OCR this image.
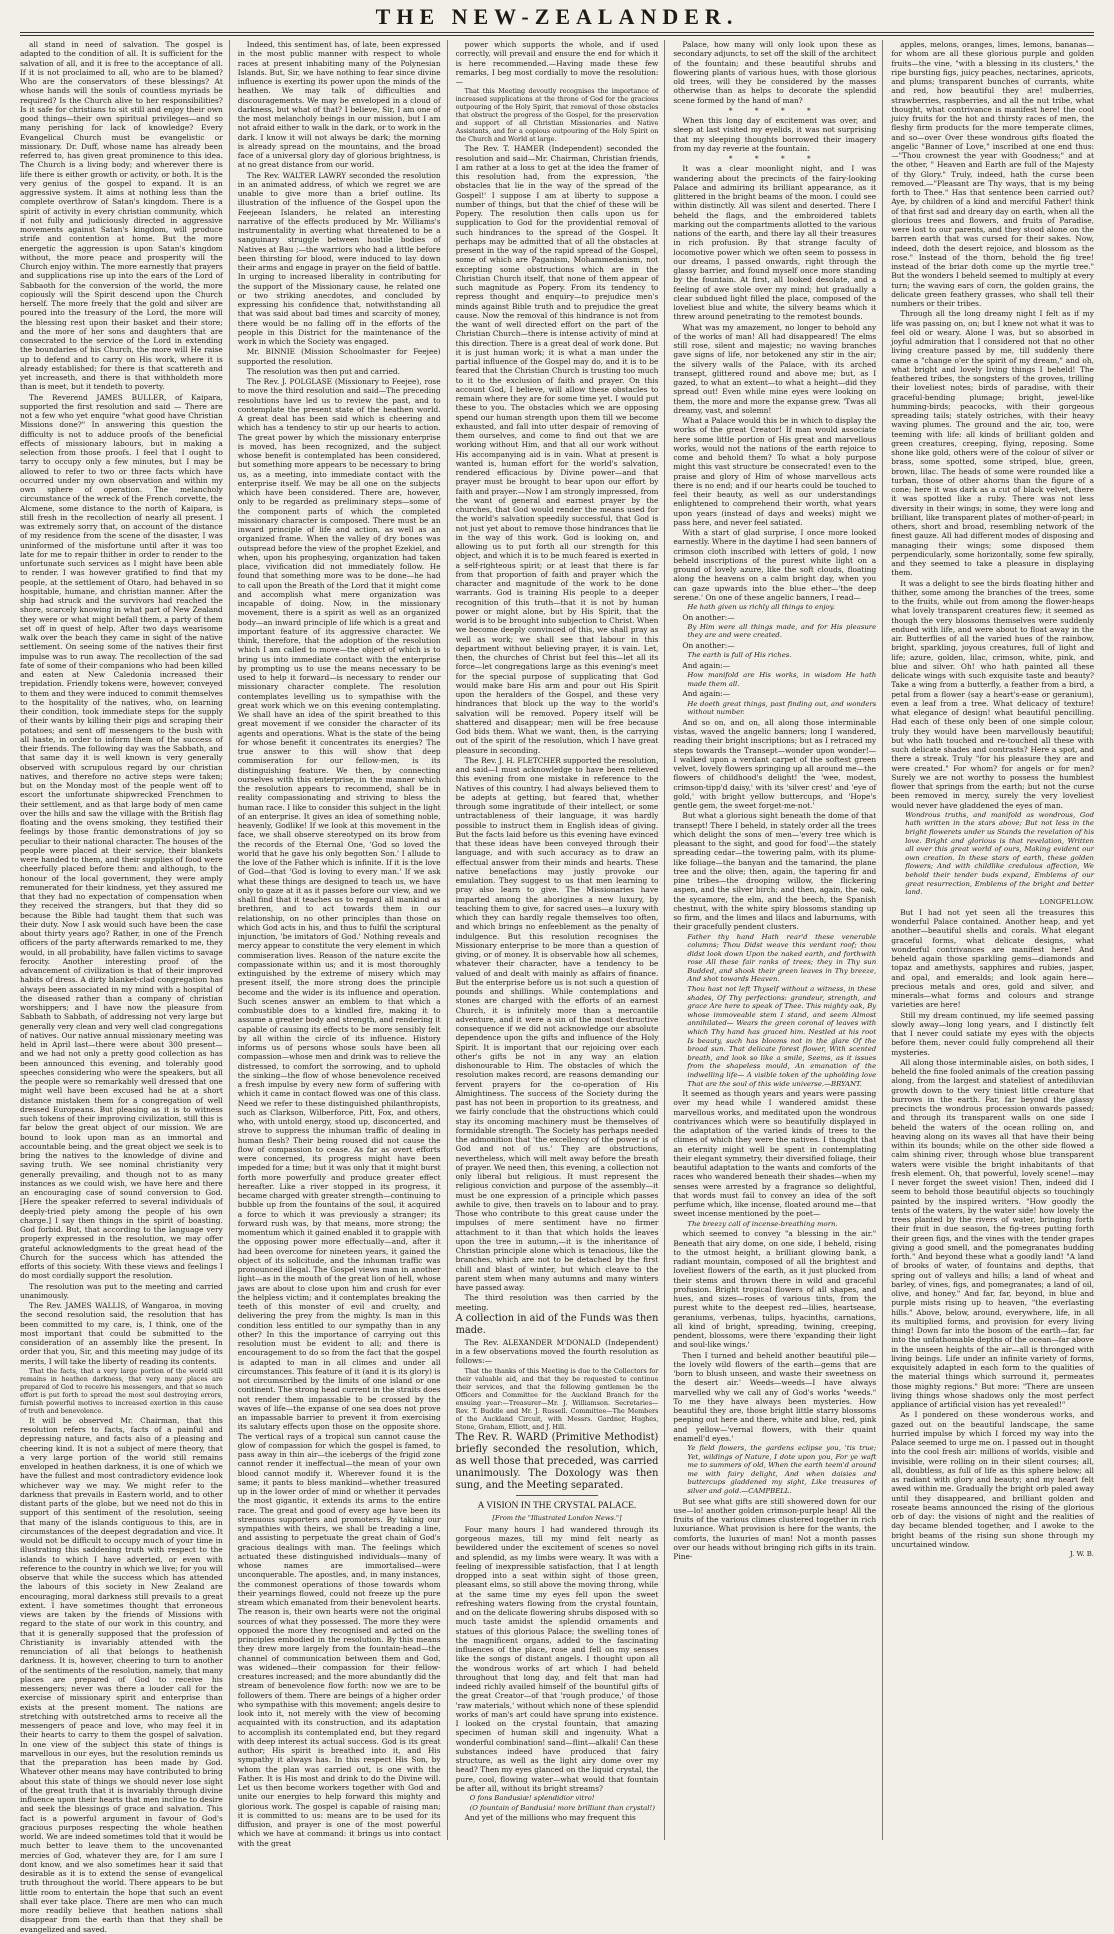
THE NEW-ZEALANDER.

all stand in need of salvation. The gospel is adapted to the condition of all. It is sufficient for the salvation of all, and it is free to the acceptance of all. If it is not proclaimed to all, who are to be blamed? Who are the conservators of these blessings? At whose hands will the souls of countless myriads be required? Is the Church alive to her responsibilities? Is it safe for christians to sit still and enjoy their own good things—their own spiritual privileges—and so many perishing for lack of knowledge? Every Evangelical Church must be evangelistic or missionary. Dr. Duff, whose name has already been referred to, has given great prominence to this idea. The Church is a living body; and wherever there is life there is either growth or activity, or both. It is the very genius of the gospel to expand. It is an aggressive system. It aims at nothing less than the complete overthrow of Satan's kingdom. There is a spirit of activity in every christian community, which if not fully and judiciously directed in aggressive movements against Satan's kingdom, will produce strife and contention at home. But the more energetic the aggression is upon Satan's kingdom without, the more peace and prosperity will the Church enjoy within. The more earnestly that prayers and supplications rise up into the ears of the Lord of Sabbaoth for the conversion of the world, the more copiously will the Spirit descend upon the Church herself. The more freely that the gold and silver are poured into the treasury of the Lord, the more will the blessing rest upon their basket and their store; and the more of her sons and daughters that are consecrated to the service of the Lord in extending the boundaries of his Church, the more will He raise up to defend and to carry on His work, where it is already established; for there is that scattereth and yet increaseth, and there is that withholdeth more than is meet, but it tendeth to poverty.

The Reverend JAMES BULLER, of Kaipara, supported the first resolution and said — There are not a few who yet enquire "what good have Christian Missions done?" In answering this question the difficulty is not to adduce proofs of the beneficial effects of missionary labours, but in making a selection from those proofs. I feel that I ought to tarry to occupy only a few minutes, but I may be allowed to refer to two or three facts which have occurred under my own observation and within my own sphere of operation. The melancholy circumstance of the wreck of the French corvette, the Alcmene, some distance to the north of Kaipara, is still fresh in the recollection of nearly all present. I was extremely sorry that, on account of the distance of my residence from the scene of the disaster, I was uninformed of the misfortune until after it was too late for me to repair thither in order to render to the unfortunate such services as I might have been able to render. I was however gratified to find that my people, at the settlement of Otaro, had behaved in so hospitable, humane, and christian manner. After the ship had struck and the survivors had reached the shore, scarcely knowing in what part of New Zealand they were or what might befall them, a party of them set off in quest of help. After two days wearisome walk over the beach they came in sight of the native settlement. On seeing some of the natives their first impulse was to run away. The recollection of the sad fate of some of their companions who had been killed and eaten at New Caledonia increased their trepidation. Friendly tokens were, however, conveyed to them and they were induced to commit themselves to the hospitality of the natives, who, on learning their condition, took immediate steps for the supply of their wants by killing their pigs and scraping their potatoes; and sent off messengers to the bush with all haste, in order to inform them of the success of their friends. The following day was the Sabbath, and that same day it is well known is very generally observed with scrupulous regard by our christian natives, and therefore no active steps were taken; but on the Monday most of the people went off to escort the unfortunate shipwrecked Frenchmen to their settlement, and as that large body of men came over the hills and saw the village with the British flag floating and the ovens smoking, they testified their feelings by those frantic demonstrations of joy so peculiar to their national character. The houses of the people were placed at their service, their blankets were handed to them, and their supplies of food were cheerfully placed before them: and although, to the honour of the local government, they were amply remunerated for their kindness, yet they assured me that they had no expectation of compensation when they received the strangers, but that they did so because the Bible had taught them that such was their duty. Now I ask would such have been the case about thirty years ago? Rather, in one of the French officers of the party afterwards remarked to me, they would, in all probability, have fallen victims to savage ferocity. Another interesting proof of the advancement of civilization is that of their improved habits of dress. A dirty blanket-clad congregation has always been associated in my mind with a hospital of the diseased rather than a company of christian worshippers; and I have now the pleasure from Sabbath to Sabbath, of addressing not very large but generally very clean and very well clad congregations of natives. Our native annual missionary meeting was held in April last—there were about 300 present—and we had not only a pretty good collection as has been announced this evening, and tolerably good speeches considering who were the speakers, but all the people were so remarkably well dressed that one might well have been excused had he at a short distance mistaken them for a congregation of well dressed Europeans. But pleasing as it is to witness such tokens of their improving civilization, still this is far below the great object of our mission. We are bound to look upon man as an immortal and accountable being, and the great object we seek is to bring the natives to the knowledge of divine and saving truth. We see nominal christianity very generally prevailing, and though not to as many instances as we could wish, we have here and there an encouraging case of sound conversion to God. [Here the speaker referred to several individuals of deeply-tried piety among the people of his own charge.] I say then things in the spirit of boasting. God forbid. But, that according to the language very properly expressed in the resolution, we may offer grateful acknowledgments to the great head of the Church for the success which has attended the efforts of this society. With these views and feelings I do most cordially support the resolution.

The resolution was put to the meeting and carried unanimously.

The Rev. JAMES WALLIS, of Wangaroa, in moving the second resolution said, the resolution that has been committed to my care, is, I think, one of the most important that could be submitted to the consideration of an assembly like the present. In order that you, Sir, and this meeting may judge of its merits, I will take the liberty of reading its contents.

That the facts, that a very large portion of the world still remains in heathen darkness, that very many places are prepared of God to receive his messengers, and that so much effort is put forth to spread the most soul destroying errors, furnish powerful motives to increased exertion in this cause of truth and benevolence.

It will be observed Mr. Chairman, that this resolution refers to facts, facts of a painful and depressing nature, and facts also of a pleasing and cheering kind. It is not a subject of mere theory, that a very large portion of the world still remains enveloped in heathen darkness, it is one of which we have the fullest and most contradictory evidence look whichever way we may. We might refer to the darkness that prevails in Eastern world, and to other distant parts of the globe, but we need not do this in support of this sentiment of the resolution, seeing that many of the islands contiguous to this, are in circumstances of the deepest degradation and vice. It would not be difficult to occupy much of your time in illustrating this saddening truth with respect to the islands to which I have adverted, or even with reference to the country in which we live; for you will observe that while the success which has attended the labours of this society in New Zealand are encouraging, moral darkness still prevails to a great extent. I have sometimes thought that erroneous views are taken by the friends of Missions with regard to the state of our work in this country, and that it is generally supposed that the profession of Christianity is invariably attended with the renunciation of all that belongs to heathenish darkness. It is, however, cheering to turn to another of the sentiments of the resolution, namely, that many places are prepared of God to receive his messengers; never was there a louder call for the exercise of missionary spirit and enterprise than exists at the present moment. The nations are stretching with outstretched arms to receive all the messengers of peace and love, who may feel it in their hearts to carry to them the gospel of salvation. In one view of the subject this state of things is marvellous in our eyes, but the resolution reminds us that the preparation has been made by God. Whatever other means may have contributed to bring about this state of things we should never lose sight of the great truth that it is invariably through divine influence upon their hearts that men incline to desire and seek the blessings of grace and salvation. This fact is a powerful argument in favour of God's gracious purposes respecting the whole heathen world. We are indeed sometimes told that it would be much better to leave them to the uncovenanted mercies of God, whatever they are, for I am sure I dont know, and we also sometimes hear it said that desirable as it is to extend the sense of evangelical truth throughout the world. There appears to be but little room to entertain the hope that such an event shall ever take place. There are men who can much more readily believe that heathen nations shall disappear from the earth than that they shall be evangelized and saved.

Indeed, this sentiment has, of late, been expressed in the most public manner with respect to whole races at present inhabiting many of the Polynesian Islands. But, Sir, we have nothing to fear since divine influence is exerting its power upon the minds of the heathen. We may talk of difficulties and discouragements. We may be enveloped in a cloud of darkness, but what of that? I believe, Sir, I am one of the most melancholy beings in our mission, but I am not afraid either to walk in the dark, or to work in the dark. I know it will not always be dark; the morning is already spread on the mountains, and the broad face of a universal glory day of glorious brightness, is at no great distance from our world.

The Rev. WALTER LAWRY seconded the resolution in an animated address, of which we regret we are unable to give more than a brief outline. Its illustration of the influence of the Gospel upon the Feejeean Islanders, he related an interesting narrative of the effects produced by Mr. Williams's instrumentality in averting what threatened to be a sanguinary struggle between hostile bodies of Natives at Bau ;—the warriors who had a little before been thirsting for blood, were induced to lay down their arms and engage in prayer on the field of battle. In urging to increased liberality in contributing for the support of the Missionary cause, he related one or two striking anecdotes, and concluded by expressing his confidence that, notwithstanding all that was said about bad times and scarcity of money, there would be no falling off in the efforts of the people in this District for the maintenance of the work in which the Society was engaged.

Mr. BINNIE (Mission Schoolmaster for Feejee) supported the resolution.

The resolution was then put and carried.

The Rev. J. POLGLASE (Missionary to Feejee), rose to move the third resolution and said—The preceding resolutions have led us to review the past, and to contemplate the present state of the heathen world. A great deal has been said which is cheering and which has a tendency to stir up our hearts to action. The great power by which the missionary enterprise is moved, has been recognized, and the subject whose benefit is contemplated has been considered, but something more appears to be necessary to bring us, as a meeting, into immediate contact with the enterprise itself. We may be all one on the subjects which have been considered. There are, however, only to be regarded as preliminary steps—some of the component parts of which the completed missionary character is composed. There must be an inward principle of life and action, as well as an organized frame. When the valley of dry bones was outspread before the view of the prophet Ezekiel, and when, upon his prophesying, organization had taken place, vivification did not immediately follow. He found that something more was to be done—he had to call upon the Breath of the Lord that it might come and accomplish what mere organization was incapable of doing. Now, in the missionary movement, there is a spirit as well as an organized body—an inward principle of life which is a great and important feature of its aggressive character. We think, therefore, that the adoption of the resolution which I am called to move—the object of which is to bring us into immediate contact with the enterprise by prompting us to use the means necessary to be used to help it forward—is necessary to render our missionary character complete. The resolution contemplates levelling us to sympathise with the great work which we on this evening contemplating. We shall have an idea of the spirit breathed to this great movement if we consider the character of its agents and operations. What is the state of the being for whose benefit it concentrates its energies? The true answer to this will show that deep commiseration for our fellow-men, is its distinguishing feature. We then, by connecting ourselves with this enterprise, in the manner which the resolution appears to recommend, shall be in reality compassionating and striving to bless the human race. I like to consider this subject in the light of an enterprise. It gives an idea of something noble, heavenly, Godlike! If we look at this movement in the face, we shall observe stereotyped on its brow from the records of the Eternal One, 'God so loved the world that he gave his only begotten Son.' I allude to the love of the Father which is infinite. If it is the love of God—that 'God is loving to every man.' If we ask what these things are designed to teach us, we have only to gaze at it as it passes before our view, and we shall find that it teaches us to regard all mankind as brethren, and to act towards them in our relationship, on no other principles than those on which God acts in his, and thus to fulfil the scriptural injunction, 'be imitators of God.' Nothing reveals and mercy appear to constitute the very element in which commiseration lives. Reason of the nature excite the compassionate within us; and it is most thoroughly extinguished by the extreme of misery which may present itself, the more strong does the principle become and the wider is its influence and operation. Such scenes answer an emblem to that which a combustible does to a kindled fire, making it to assume a greater body and strength, and rendering it capable of causing its effects to be more sensibly felt by all within the circle of its influence. History informs us of persons whose souls have been all compassion—whose men and drink was to relieve the distressed, to comfort the sorrowing, and to uphold the sinking—the flow of whose benevolence received a fresh impulse by every new form of suffering with which it came in contact flowed was one of this class. Need we refer to these distinguished philanthropists, such as Clarkson, Wilberforce, Pitt, Fox, and others, who, with untold energy, stood up, disconcerted, and strove to suppress the inhuman traffic of dealing in human flesh? Their being roused did not cause the flow of compassion to cease. As far as overt efforts were concerned, its progress might have been impeded for a time; but it was only that it might burst forth more powerfully and produce greater effect hereafter. Like a river stopped in its progress, it became charged with greater strength—continuing to bubble up from the fountains of the soul, it acquired a force to which it was previously a stranger; its forward rush was, by that means, more strong; the momentum which it gained enabled it to grapple with the opposing power more effectually—and, after it had been overcome for nineteen years, it gained the object of its solicitude, and the inhuman traffic was pronounced illegal. The Gospel views man in another light—as in the mouth of the great lion of hell, whose jaws are about to close upon him and crush for ever the helpless victim; and it contemplates breaking the teeth of this monster of evil and cruelty, and delivering the prey from the mighty. Is man in this condition less entitled to our sympathy than in any other? In this the importance of carrying out this resolution must be evident to all; and there is encouragement to do so from the fact that the gospel is adapted to man in all climes and under all circumstances. This feature of it (and it is its glory) is not circumscribed by the limits of one island or one continent. The strong head current in the straits does not render them impassable to be crossed by the waves of life—the expanse of one sea does not prove an impassable barrier to prevent it from exercising its salutary effects upon those on the opposite shore. The vertical rays of a tropical sun cannot cause the glow of compassion for which the gospel is famed, to pass away in thin air—the icebergs of the frigid zone cannot render it ineffectual—the mean of your own blood cannot modify it. Wherever found it is the same; it pants to bless mankind—whether treasured up in the lower order of mind or whether it pervades the most gigantic, it extends its arms to the entire race. The great and good of every age have been its strenuous supporters and promoters. By taking our sympathies with theirs, we shall be treading a line, and assisting to perpetuate the great chain of God's gracious dealings with man. The feelings which actuated these distinguished individuals—many of whose names are immortalised—were unconquerable. The apostles, and, in many instances, the commonest operations of those towards whom their yearnings flowed, could not freeze up the pure stream which emanated from their benevolent hearts. The reason is, their own hearts were not the original sources of what they possessed. The more they were opposed the more they recognised and acted on the principles embodied in the resolution. By this means they drew more largely from the fountain-head—the channel of communication between them and God, was widened—their compassion for their fellow-creatures increased; and the more abundantly did the stream of benevolence flow forth: now we are to be followers of them. There are beings of a higher order who sympathise with this movement; angels desire to look into it, not merely with the view of becoming acquainted with its construction, and its adaptation to accomplish its contemplated end, but they regard with deep interest its actual success. God is its great author; His spirit is breathed into it, and His sympathy it always has. In this respect His Son, by whom the plan was carried out, is one with the Father. It is His most and drink to do the Divine will. Let us then become workers together with God and unite our energies to help forward this mighty and glorious work. The gospel is capable of raising man; it is committed to us: means are to be used for its diffusion, and prayer is one of the most powerful which we have at command: it brings us into contact with the great

power which supports the whole, and if used correctly, will prevail and ensure the end for which it is here recommended.—Having made these few remarks, I beg most cordially to move the resolution:—

That this Meeting devoutly recognises the importance of increased supplications at the throne of God for the gracious outpouring of the Holy Spirit, that removal of those obstacles that obstruct the progress of the Gospel, for the preservation and support of all Christian Missionaries and Native Assistants, and for a copious outpouring of the Holy Spirit on the Church and World at large.

The Rev. T. HAMER (Independent) seconded the resolution and said—Mr. Chairman, Christian friends, I am rather at a loss to get at the idea the framer of this resolution had, from the expression, 'the obstacles that lie in the way of the spread of the Gospel!' I suppose I am at liberty to suppose a number of things, but that the chief of these will be Popery. The resolution then calls upon us for supplication to God for the providential removal of such hindrances to the spread of the Gospel. It perhaps may be admitted that of all the obstacles at present in the way of the rapid spread of the Gospel, some of which are Paganism, Mohammedanism, not excepting some obstructions which are in the Christian Church itself, that none of them appear of such magnitude as Popery. From its tendency to repress thought and enquiry—to prejudice men's minds against Bible truth and to prejudice the great cause. Now the removal of this hindrance is not from the want of well directed effort on the part of the Christian Church—there is intense activity of mind at this direction. There is a great deal of work done. But it is just human work; it is what a man under the partial influence of the Gospel may do, and it is to be feared that the Christian Church is trusting too much to it to the exclusion of faith and prayer. On this account God, I believe, will allow these obstacles to remain where they are for some time yet. I would put these to you. The obstacles which we are opposing spend our human strength upon them till we become exhausted, and fall into utter despair of removing of them ourselves, and come to find out that we are working without Him, and that all our work without His accompanying aid is in vain. What at present is wanted is, human effort for the world's salvation, rendered efficacious by Divine power—and that prayer must be brought to bear upon our effort by faith and prayer.—Now I am strongly impressed, from the want of general and earnest prayer by the churches, that God would render the means used for the world's salvation speedily successful, that God is not just yet about to remove those hindrances that lie in the way of this work. God is looking on, and allowing us to put forth all our strength for this object, and which it is to be much feared is exerted in a self-righteous spirit; or at least that there is far from that proportion of faith and prayer which the character and magnitude of the work to be done warrants. God is training His people to a deeper recognition of this truth—that it is not by human power or might alone, but by His Spirit, that the world is to be brought into subjection to Christ. When we become deeply convinced of this, we shall pray as well as work; we shall see that labour in this department without believing prayer, it is vain. Let, then, the churches of Christ but feel this—let all its force—let congregations large as this evening's meet for the special purpose of supplicating that God would make bare His arm and pour out His Spirit upon the heralders of the Gospel, and these very hindrances that block up the way to the world's salvation will be removed. Popery itself will be shattered and disappear; men will be free because God bids them. What we want, then, is the carrying out of the spirit of the resolution, which I have great pleasure in seconding.

The Rev. J. H. FLETCHER supported the resolution, and said—I must acknowledge to have been relieved this evening from one mistake in reference to the Natives of this country. I had always believed them to be adepts at getting, but feared that, whether through some ingratitude of their intellect, or some untractableness of their language, it was hardly possible to instruct them in English ideas of giving. But the facts laid before us this evening have evinced that these ideas have been conveyed through their language, and with such accuracy as to draw an effectual answer from their minds and hearts. These native benefactions may justly provoke our emulation. They suggest to us that men learning to pray also learn to give. The Missionaries have imparted among the aborigines a new luxury, by teaching them to give, for sacred uses—a luxury with which they can hardly regale themselves too often, and which brings no enfeeblement as the penalty of indulgence. But this resolution recognises the Missionary enterprise to be more than a question of giving, or of money. It is observable how all schemes, whatever their character, have a tendency to be valued of and dealt with mainly as affairs of finance. But the enterprise before us is not such a question of pounds and shillings. While contemplations and stones are charged with the efforts of an earnest Church, it is infinitely more than a mercantile adventure, and it were a sin of the most destructive consequence if we did not acknowledge our absolute dependence upon the gifts and influence of the Holy Spirit. It is important that our rejoicing over each other's gifts be not in any way an elation dishonourable to Him. The obstacles of which the resolution makes record, are reasons demanding our fervent prayers for the co-operation of His Almightiness. The success of the Society during the past has not been in proportion to its greatness, and we fairly conclude that the obstructions which could stay its oncoming machinery must be themselves of formidable strength. The Society has perhaps needed the admonition that 'the excellency of the power is of God and not of us.' They are obstructions, nevertheless, which will melt away before the breath of prayer. We need then, this evening, a collection not only liberal but religious. It must represent the religious conviction and purpose of the assembly—it must be one expression of a principle which passes awhile to give, then travels on to labour and to pray. Those who contribute to this great cause under the impulses of mere sentiment have no firmer attachment to it than that which holds the leaves upon the tree in autumn,—it is the inheritance of Christian principle alone which is tenacious, like the branches, which are not to be detached by the first chill and blast of winter, but which cleave to the parent stem when many autumns and many winters have passed away.

The third resolution was then carried by the meeting.

A collection in aid of the Funds was then made.

The Rev. ALEXANDER M'DONALD (Independent) in a few observations moved the fourth resolution as follows:—

That the thanks of this Meeting is due to the Collectors for their valuable aid, and that they be requested to continue their services, and that the following gentlemen be the Officers and Committee for the Auckland Branch for the ensuing year:—Treasurer—Mr. J. Williamson. Secretaries—Rev. T. Buddle and Mr. J. Russell. Committee—The Members of the Auckland Circuit, with Messrs. Gardner, Hughes, Stone, Graham, Elliott, and J. Hill.

The Rev. R. WARD (Primitive Methodist) briefly seconded the resolution, which, as well those that preceded, was carried unanimously. The Doxology was then sung, and the Meeting separated.

A VISION IN THE CRYSTAL PALACE.

[From the "Illustrated London News."]

Four many hours I had wandered through its gorgeous mazes, till my mind felt nearly as bewildered under the excitement of scenes so novel and splendid, as my limbs were weary. It was with a feeling of inexpressible satisfaction, that I at length dropped into a seat within sight of those green, pleasant elms, so still above the moving throng, while at the same time my eyes fell upon the sweet refreshing waters flowing from the crystal fountain, and on the delicate flowering shrubs disposed with so much taste amidst the splendid ornaments and statues of this glorious Palace; the swelling tones of the magnificent organs, added to the fascinating influences of the place, rose and fell on my senses like the songs of distant angels. I thought upon all the wondrous works of art which I had beheld throughout that long day, and felt that man had indeed richly availed himself of the bountiful gifts of the great Creator—of that 'rough produce,' of those 'raw materials,' without which none of these splendid works of man's art could have sprung into existence. I looked on the crystal fountain, that amazing specimen of human skill and ingenuity. What a wonderful combination! sand—flint—alkali! Can these substances indeed have produced that fairy structure, as well as the light airy dome over my head? Then my eyes glanced on the liquid crystal, the pure, cool, flowing water—what would that fountain be after all, without its bright streams?

O fons Bandusiæ! splendidior vitro!

(O fountain of Bandusia! more brilliant than crystal!)

And yet of the millions who may frequent this

Palace, how many will only look upon these as secondary adjuncts, to set off the skill of the architect of the fountain; and these beautiful shrubs and flowering plants of various hues, with those glorious old trees, will they be considered by the masses otherwise than as helps to decorate the splendid scene formed by the hand of man?

* * * *

When this long day of excitement was over, and sleep at last visited my eyelids, it was not surprising that my sleeping thoughts borrowed their imagery from my day reverie at the fountain.

* * * *

It was a clear moonlight night, and I was wandering about the precincts of the fairy-looking Palace and admiring its brilliant appearance, as it glittered in the bright beams of the moon. I could see within distinctly. All was silent and deserted. There I beheld the flags, and the embroidered tablets marking out the compartments allotted to the various nations of the earth, and there lay all their treasures in rich profusion. By that strange faculty of locomotive power which we often seem to possess in our dreams, I passed onwards, right through the glassy barrier, and found myself once more standing by the fountain. At first, all looked desolate, and a feeling of awe stole over my mind; but gradually a clear subdued light filled the place, composed of the loveliest blue and white, the silvery beams which it threw around penetrating to the remotest bounds.

What was my amazement, no longer to behold any of the works of man! All had disappeared! The elms still rose, silent and majestic; no waving branches gave signs of life, nor betokened any stir in the air; the silvery walls of the Palace, with its arched transept, glittered round and above me; but, as I gazed, to what an extent—to what a height—did they spread out! Even while mine eyes were looking on them, the more and more the expanse grew. 'Twas all dreamy, vast, and solemn!

What a Palace would this be in which to display the works of the great Creator! If man would associate here some little portion of His great and marvellous works, would not the nations of the earth rejoice to come and behold them? To what a holy purpose might this vast structure be consecrated! even to the praise and glory of Him of whose marvellous acts there is no end; and if our hearts could be touched to feel their beauty, as well as our understandings enlightened to comprehend their worth, what years upon years (instead of days and weeks) might we pass here, and never feel satiated.

With a start of glad surprise, I once more looked earnestly. Where in the daytime I had seen banners of crimson cloth inscribed with letters of gold, I now beheld inscriptions of the purest white light on a ground of lovely azure, like the soft clouds, floating along the heavens on a calm bright day, when you can gaze upwards into the blue ether—'the deep serene.' On one of these angelic banners, I read—

He hath given us richly all things to enjoy.

On another:—

By Him were all things made, and for His pleasure they are and were created.

On another:—

The earth is full of His riches.

And again:—

How manifold are His works, in wisdom He hath made them all.

And again:—

He doeth great things, past finding out, and wonders without number.

And so on, and on, all along those interminable vistas, waved the angelic banners; long I wandered, reading their bright inscriptions; but as I retraced my steps towards the Transept—wonder upon wonder!—I walked upon a verdant carpet of the softest green velvet, lovely flowers springing up all around me—the flowers of childhood's delight! the 'wee, modest, crimson-tipp'd daisy,' with its 'silver crest' and 'eye of gold,' with bright yellow buttercups, and 'Hope's gentle gem, the sweet forget-me-not.'

But what a glorious sight beneath the dome of that transept! There I beheld, in stately order all the trees which delight the sons of men—'every tree which is pleasant to the sight, and good for food'—the stately spreading cedar—the towering palm, with its plume-like foliage—the banyan and the tamarind, the plane tree and the olive; then, again, the tapering fir and pine tribes—the drooping willow, the flickering aspen, and the silver birch; and then, again, the oak, the sycamore, the elm, and the beech, the Spanish chestnut, with the white spiry blossoms standing up so firm, and the limes and lilacs and laburnums, with their gracefully pendent clusters.

Father thy hand Hath rear'd these venerable columns; Thou Didst weave this verdant roof; thou didst look down Upon the naked earth, and forthwith rose All these fair ranks of trees; they in Thy sun Budded, and shook their green leaves in Thy breeze, And shot towards Heaven.

Thou hast not left Thyself without a witness, in these shades, Of Thy perfections: grandeur, strength, and grace Are here to speak of Thee. This mighty oak, By whose immoveable stem I stand, and seem Almost annihilated— Wears the green coronal of leaves with which Thy hand has graced him. Nestled at his root Is beauty, such has blooms not in the glare Of the broad sun. That delicate forest flower, With scented breath, and look so like a smile, Seems, as it issues from the shapeless mould, An emanation of the indwelling life— A visible token of the upholding love That are the soul of this wide universe.—BRYANT.

It seemed as though years and years were passing over my head while I wandered amidst these marvellous works, and meditated upon the wondrous contrivances which were so beautifully displayed in the adaptation of the varied kinds of trees to the climes of which they were the natives. I thought that an eternity might well be spent in contemplating their elegant symmetry, their diversified foliage, their beautiful adaptation to the wants and comforts of the races who wandered beneath their shades—when my senses were arrested by a fragrance so delightful, that words must fail to convey an idea of the soft perfume which, like incense, floated around me—that sweet incense mentioned by the poet—

The breezy call of incense-breathing morn.

which seemed to convey "a blessing in the air." Beneath that airy dome, on one side, I beheld, rising to the utmost height, a brilliant glowing bank, a radiant mountain, composed of all the brightest and loveliest flowers of the earth, as it just plucked from their stems and thrown there in wild and graceful profusion. Bright tropical flowers of all shapes, and hues, and sizes—roses of various tints, from the purest white to the deepest red—lilies, heartsease, geraniums, verbenas, tulips, hyacinths, carnations, all kind of bright, spreading, twining, creeping, pendent, blossoms, were there 'expanding their light and soul-like wings.'

Then I turned and beheld another beautiful pile—the lovely wild flowers of the earth—gems that are 'born to blush unseen, and waste their sweetness on the desert air.' Weeds—weeds—I have always marvelled why we call any of God's works "weeds." To me they have always been mysteries. How beautiful they are, those bright little starry blossoms peeping out here and there, white and blue, red, pink and yellow—'vernal flowers, with their quaint enamell'd eyes.'

Ye field flowers, the gardens eclipse you, 'tis true; Yet, wildings of Nature, I dote upon you, For ye waft me to summers of old, When the earth teem'd around me with fairy delight, And when daisies and buttercups gladdened my sight, Like treasures of silver and gold.—CAMPBELL.

But see what gifts are still showered down for our use—lo! another golden crimson-purple heap! All the fruits of the various climes clustered together in rich luxuriance. What provision is here for the wants, the comforts, the luxuries of man! Not a month passes over our heads without bringing rich gifts in its train. Pine-

apples, melons, oranges, limes, lemons, bananas—for whom are all these glorious purple and golden fruits—the vine, "with a blessing in its clusters," the ripe bursting figs, juicy peaches, nectarines, apricots, and plums; transparent bunches of currants, white and red, how beautiful they are! mulberries, strawberries, raspberries, and all the nut tribe, what thought, what contrivance is manifest here! the cool juicy fruits for the hot and thirsty races of men, the fleshy firm products for the more temperate climes, and so—over Over these wondrous gifts floated the angelic "Banner of Love," inscribed at one end thus:—"Thou crownest the year with Goodness;" and at the other, " Heaven and Earth are full of the Majesty of thy Glory." Truly, indeed, hath the curse been removed.—"Pleasant are Thy ways, that is my being forth to Thee." Has that sentence been carried out? Aye, by children of a kind and merciful Father! think of that first sad and dreary day on earth, when all the glorious trees and flowers, and fruits of Paradise, were lost to our parents, and they stood alone on the barren earth that was cursed for their sakes. Now, indeed, doth the desert rejoice, and blossom as the rose." Instead of the thorn, behold the fig tree! instead of the briar doth come up the myrtle tree." But the wonders I beheld seemed to multiply at every turn; the waving ears of corn, the golden grains, the delicate green feathery grasses, who shall tell their numbers or their tribes.

Through all the long dreamy night I felt as if my life was passing on, on; but I knew not what it was to feel old or weary. Alone I was, but so absorbed in joyful admiration that I considered not that no other living creature passed by me, till suddenly there came a "change o'er the spirit of my dream," and oh, what bright and lovely living things I beheld! The feathered tribes, the songsters of the groves, trilling their loveliest notes; birds of paradise, with their graceful-bending plumage; bright, jewel-like humming-birds; peacocks, with their gorgeous spreading tails; stately ostriches, with their heavy waving plumes. The ground and the air, too, were teeming with life: all kinds of brilliant golden and green creatures, creeping, flying, reposing. Some shone like gold, others were of the colour of silver or brass, some spotted, some striped, blue, green, brown, lilac. The heads of some were rounded like a turban, those of other ahorns than the figure of a cone; here it was dark as a cut of black velvet, there it was spotted like a ruby. There was not less diversity in their wings; in some, they were long and brilliant, like transparent plates of mother-of-pearl; in others, short and broad, resembling network of the finest gauze. All had different modes of disposing and managing their wings; some disposed them perpendicularly, some horizontally, some few spirally, and they seemed to take a pleasure in displaying them.

It was a delight to see the birds floating hither and thither, some among the branches of the trees, some to the fruits, while out from among the flower-heaps what lovely transparent creatures flew; it seemed as though the very blossoms themselves were suddenly endued with life, and were about to float away in the air. Butterflies of all the varied hues of the rainbow, bright, sparkling, joyous creatures, full of light and life; azure, golden, lilac, crimson, white, pink, and blue and silver. Oh! who hath painted all these delicate wings with such exquisite taste and beauty? Take a wing from a butterfly, a feather from a bird, a petal from a flower (say a heart's-ease or geranium), even a leaf from a tree. What delicacy of texture! what elegance of design! what beautiful pencilling. Had each of these only been of one simple colour, truly they would have been marvellously beautiful; but who hath touched and re-touched all these with such delicate shades and contrasts? Here a spot, and there a streak. Truly "for his pleasure they are and were created." For whom? for angels or for men? Surely we are not worthy to possess the humblest flower that springs from the earth; but not the curse been removed in mercy, surely the very loveliest would never have gladdened the eyes of man.

Wondrous truths, and manifold as wondrous, God hath written in the stars above; But not less in the bright flowerets under us Stands the revelation of his love. Bright and glorious is that revelation, Written all over this great world of ours, Making evident our own creation. In these stars of earth, these golden flowers; And with childlike credulous affection, We behold their tender buds expand, Emblems of our great resurrection, Emblems of the bright and better land.

LONGFELLOW.

But I had not yet seen all the treasures this wonderful Palace contained. Another heap, and yet another—beautiful shells and corals. What elegant graceful forms, what delicate designs, what wonderful contrivances are manifest here! And beheld again those sparkling gems—diamonds and topaz and amethysts, sapphires and rubies, jasper, and opal, and emeralds; and look again here—precious metals and ores, gold and silver, and minerals—what forms and colours and strange varieties are here!

Still my dream continued, my life seemed passing slowly away—long long years, and I distinctly felt that I never could satiate my eyes with the objects before them, never could fully comprehend all their mysteries.

All along those interminable aisles, on both sides, I beheld the fine fooled animals of the creation passing along, from the largest and stateliest of antediluvian growth down to the very tiniest little creature that burrows in the earth. Far, far beyond the glassy precincts the wondrous procession onwards passed; and through its transparent walls on one side I beheld the waters of the ocean rolling on, and heaving along on its waves all that have their being within its bounds; while on the other side flowed a calm shining river, through whose blue transparent waters were visible the bright inhabitants of that fresh element. Oh, that powerful, lovely scene!—may I never forget the sweet vision! Then, indeed did I seem to behold those beautiful objects so touchingly painted by the inspired writers. "How goodly the tents of the waters, by the water side! how lovely the trees planted by the rivers of water, bringing forth their fruit in due season, the fig-trees putting forth their green figs, and the vines with the tender grapes giving a good smell, and the pomegranates budding forth." And beyond these what a goodly land! "A land of brooks of water, of fountains and depths, that spring out of valleys and hills; a land of wheat and barley, of vines, figs, and pomegranates; a land of oil, olive, and honey." And far, far, beyond, in blue and purple mists rising up to heaven, "the everlasting hills." Above, below, around, everywhere, life, in all its multiplied forms, and provision for every living thing! Down far into the bosom of the earth—far, far into the unfathomable depths of the ocean—far above in the unseen heights of the air—all is thronged with living beings. Life under an infinite variety of forms, exquisitely adapted in each form to the qualities of the material things which surround it, permeates those mighty regions." But more: "There are unseen living things whose shadows only the most perfect appliance of artificial vision has yet revealed!"

As I pondered on these wonderous works, and gazed out on the beautiful landscape, the same hurried impulse by which I forced my way into the Palace seemed to urge me on. I passed out in thought into the cool fresh air: millions of worlds, visible and invisible, were rolling on in their silent courses; all, all, doubtless, as full of life as this sphere below; all as radiant with glory and beauty; and my heart felt awed within me. Gradually the bright orb paled away until they disappeared, and brilliant golden and roseate beams announced the rising of the glorious orb of day: the visions of night and the realities of day became blended together, and I awoke to the bright beams of the rising sun shone through my uncurtained window.

J. W. B.
